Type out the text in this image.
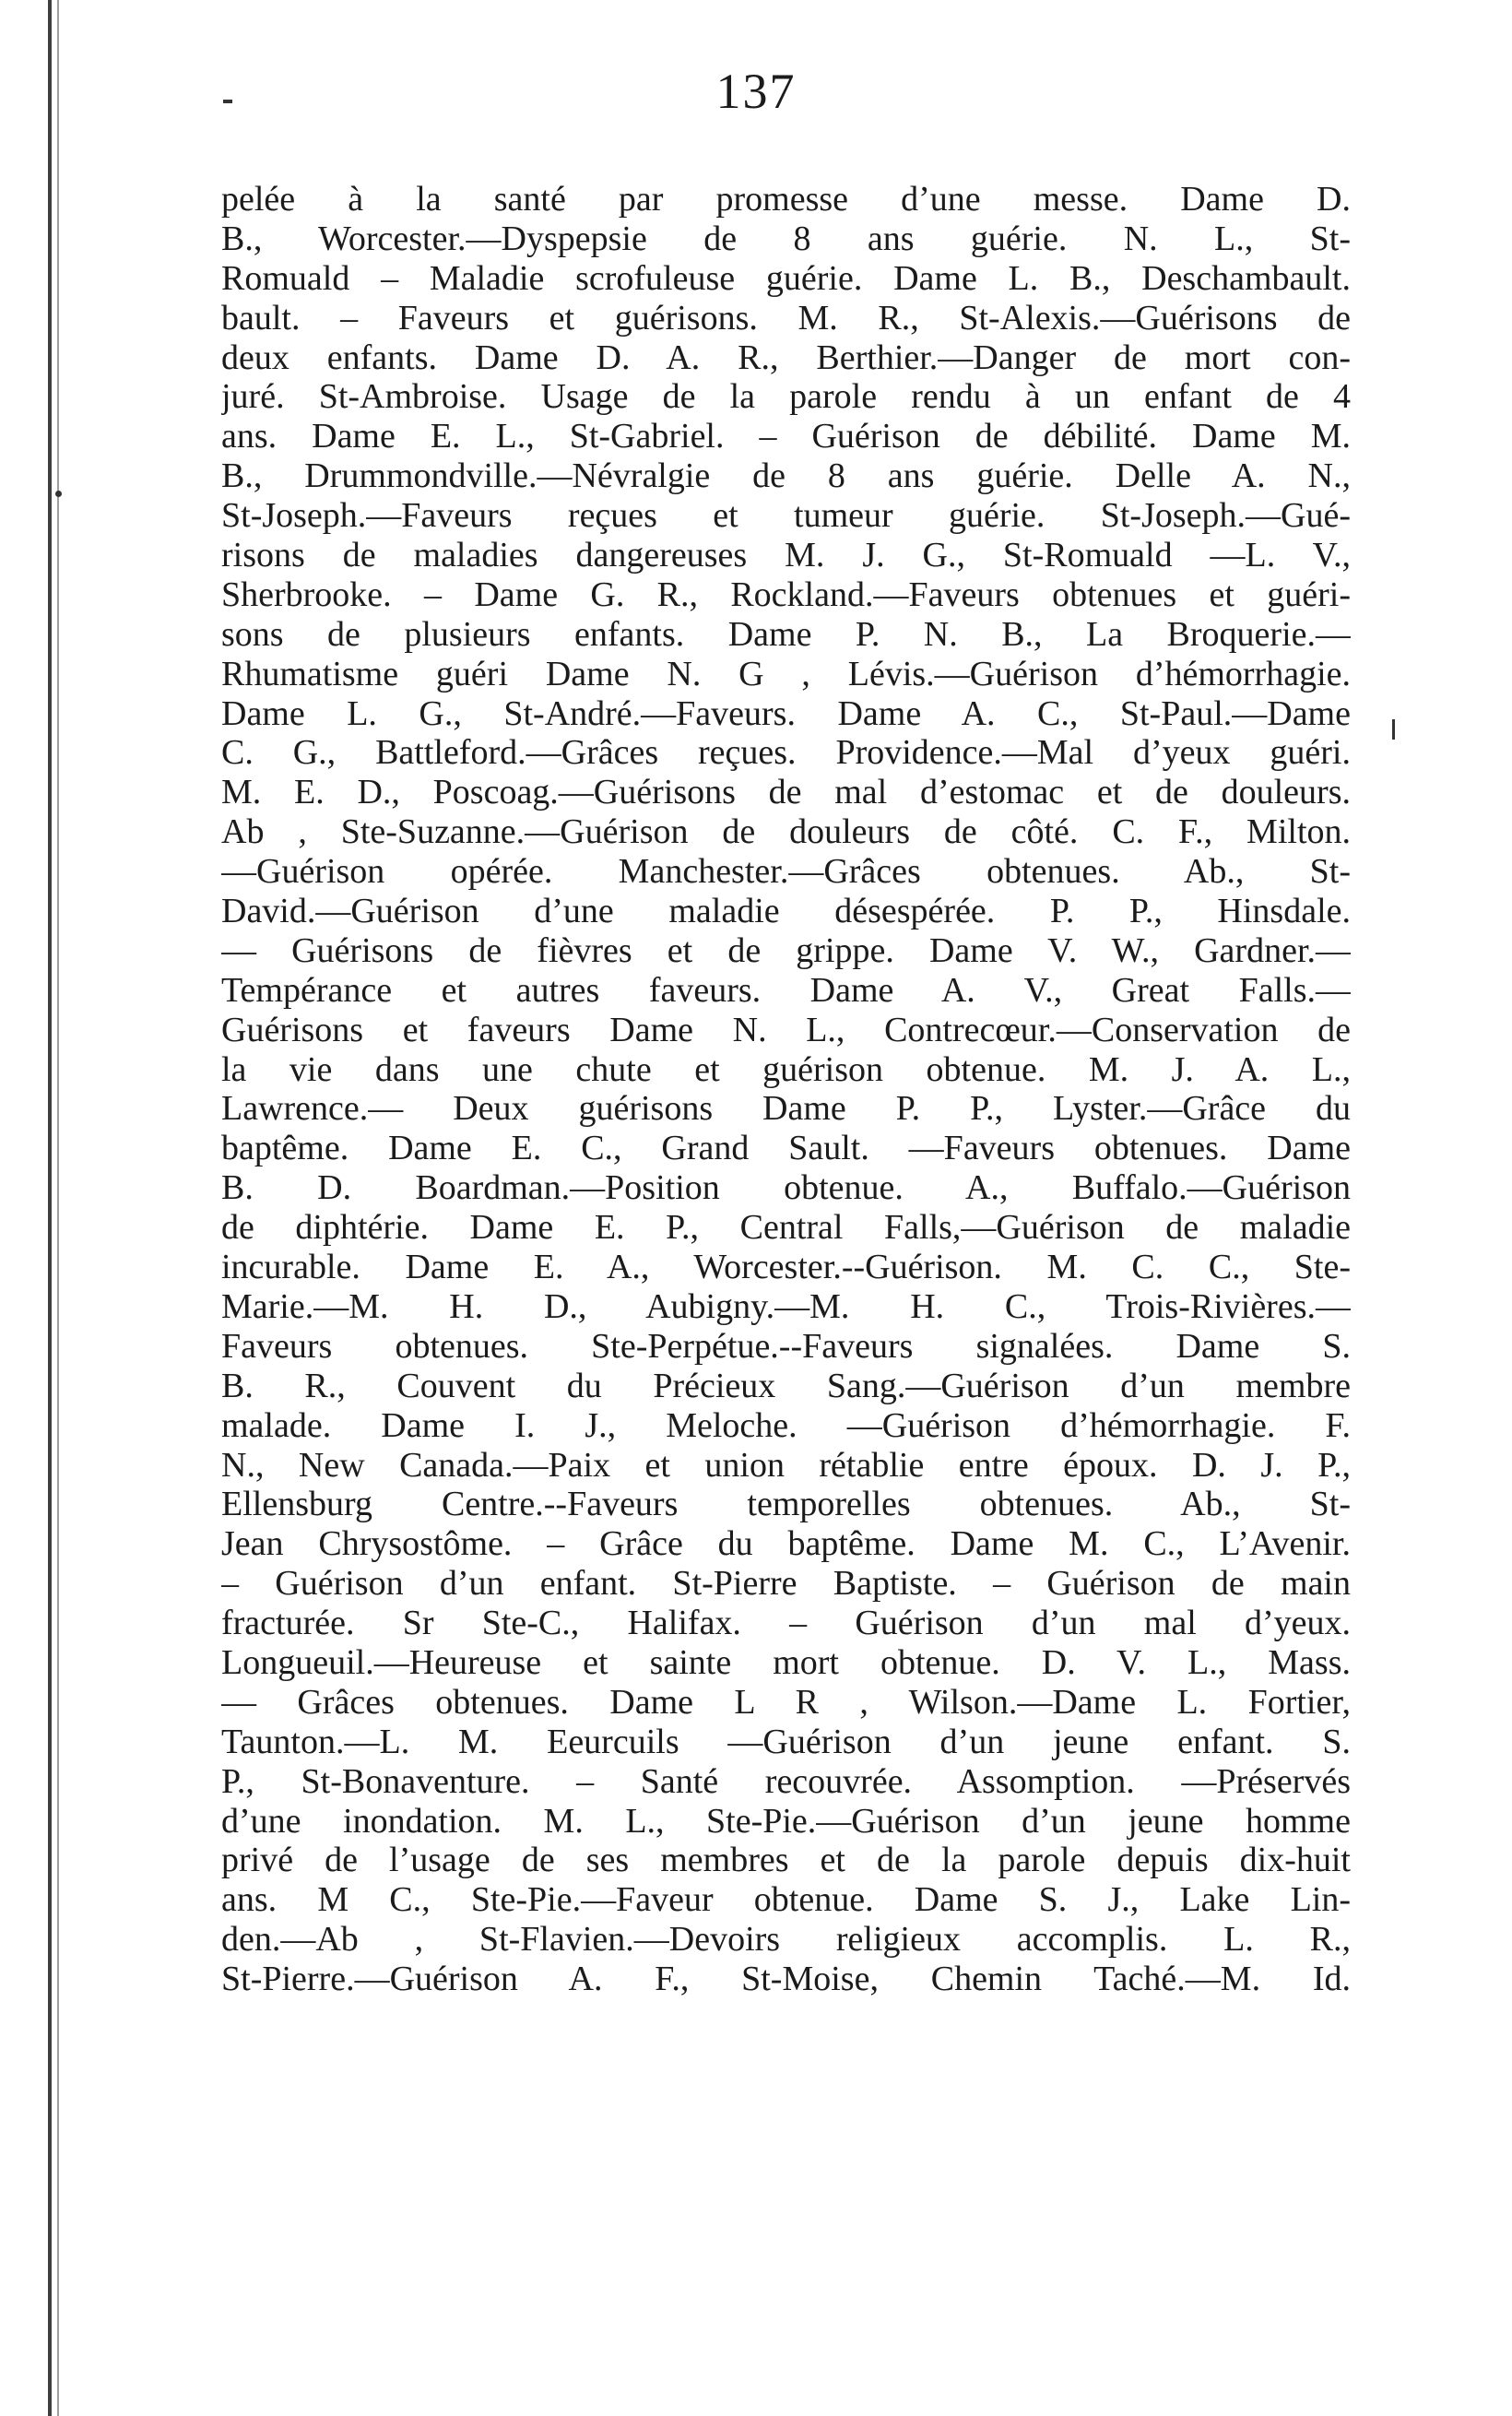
137
pelée à la santé par promesse d’une messe. Dame D.
B., Worcester.—Dyspepsie de 8 ans guérie. N. L., St-
Romuald – Maladie scrofuleuse guérie. Dame L. B., Deschambault.
bault. – Faveurs et guérisons. M. R., St-Alexis.—Guérisons de
deux enfants. Dame D. A. R., Berthier.—Danger de mort con-
juré. St-Ambroise. Usage de la parole rendu à un enfant de 4
ans. Dame E. L., St-Gabriel. – Guérison de débilité. Dame M.
B., Drummondville.—Névralgie de 8 ans guérie. Delle A. N.,
St-Joseph.—Faveurs reçues et tumeur guérie. St-Joseph.—Gué-
risons de maladies dangereuses M. J. G., St-Romuald —L. V.,
Sherbrooke. – Dame G. R., Rockland.—Faveurs obtenues et guéri-
sons de plusieurs enfants. Dame P. N. B., La Broquerie.—
Rhumatisme guéri Dame N. G , Lévis.—Guérison d’hémorrhagie.
Dame L. G., St-André.—Faveurs. Dame A. C., St-Paul.—Dame
C. G., Battleford.—Grâces reçues. Providence.—Mal d’yeux guéri.
M. E. D., Poscoag.—Guérisons de mal d’estomac et de douleurs.
Ab , Ste-Suzanne.—Guérison de douleurs de côté. C. F., Milton.
—Guérison opérée. Manchester.—Grâces obtenues. Ab., St-
David.—Guérison d’une maladie désespérée. P. P., Hinsdale.
— Guérisons de fièvres et de grippe. Dame V. W., Gardner.—
Tempérance et autres faveurs. Dame A. V., Great Falls.—
Guérisons et faveurs Dame N. L., Contrecœur.—Conservation de
la vie dans une chute et guérison obtenue. M. J. A. L.,
Lawrence.— Deux guérisons Dame P. P., Lyster.—Grâce du
baptême. Dame E. C., Grand Sault. —Faveurs obtenues. Dame
B. D. Boardman.—Position obtenue. A., Buffalo.—Guérison
de diphtérie. Dame E. P., Central Falls,—Guérison de maladie
incurable. Dame E. A., Worcester.--Guérison. M. C. C., Ste-
Marie.—M. H. D., Aubigny.—M. H. C., Trois-Rivières.—
Faveurs obtenues. Ste-Perpétue.--Faveurs signalées. Dame S.
B. R., Couvent du Précieux Sang.—Guérison d’un membre
malade. Dame I. J., Meloche. —Guérison d’hémorrhagie. F.
N., New Canada.—Paix et union rétablie entre époux. D. J. P.,
Ellensburg Centre.--Faveurs temporelles obtenues. Ab., St-
Jean Chrysostôme. – Grâce du baptême. Dame M. C., L’Avenir.
– Guérison d’un enfant. St-Pierre Baptiste. – Guérison de main
fracturée. Sr Ste-C., Halifax. – Guérison d’un mal d’yeux.
Longueuil.—Heureuse et sainte mort obtenue. D. V. L., Mass.
— Grâces obtenues. Dame L R , Wilson.—Dame L. Fortier,
Taunton.—L. M. Eeurcuils —Guérison d’un jeune enfant. S.
P., St-Bonaventure. – Santé recouvrée. Assomption. —Préservés
d’une inondation. M. L., Ste-Pie.—Guérison d’un jeune homme
privé de l’usage de ses membres et de la parole depuis dix-huit
ans. M C., Ste-Pie.—Faveur obtenue. Dame S. J., Lake Lin-
den.—Ab , St-Flavien.—Devoirs religieux accomplis. L. R.,
St-Pierre.—Guérison A. F., St-Moise, Chemin Taché.—M. Id.
